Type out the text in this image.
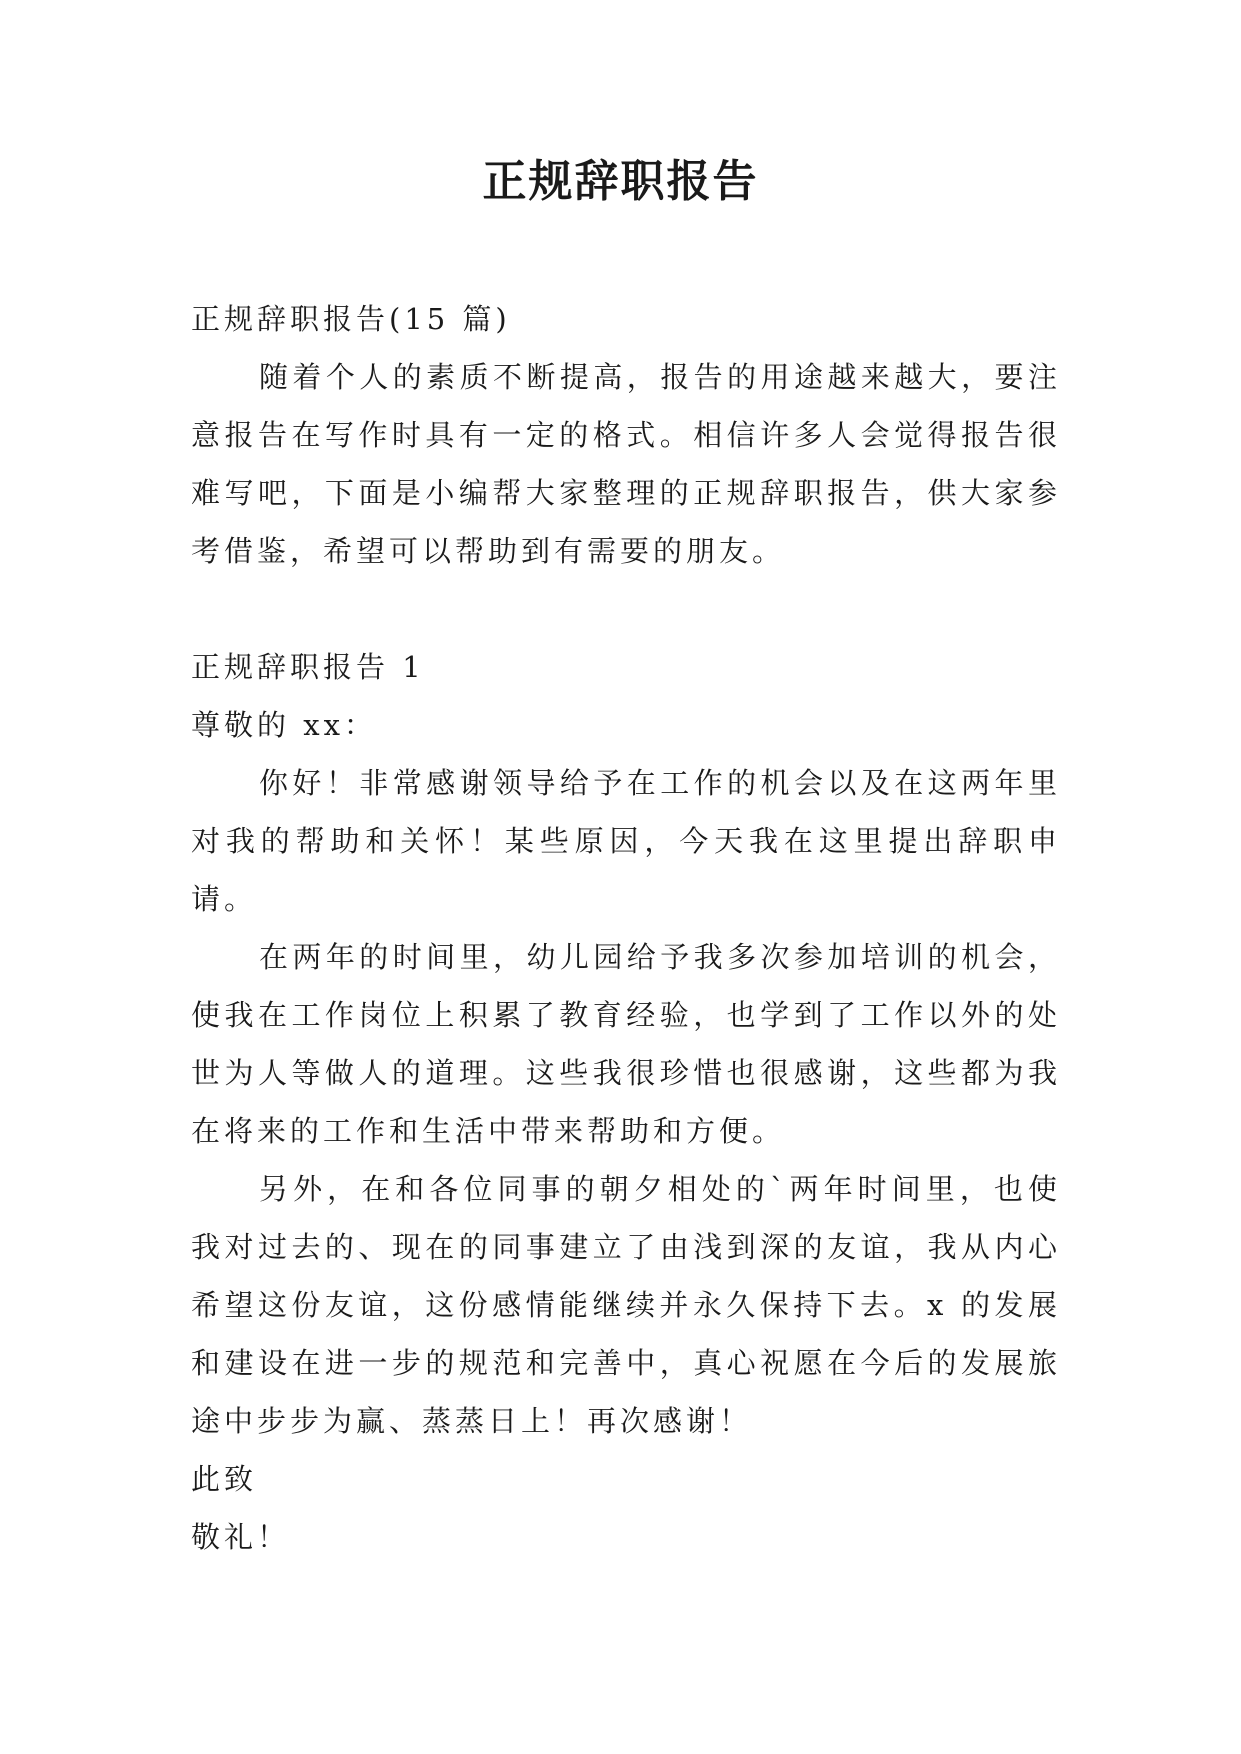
正规辞职报告

正规辞职报告(15 篇)

随着个人的素质不断提高，报告的用途越来越大，要注意报告在写作时具有一定的格式。相信许多人会觉得报告很难写吧，下面是小编帮大家整理的正规辞职报告，供大家参考借鉴，希望可以帮助到有需要的朋友。

正规辞职报告 1

尊敬的 xx：

你好！非常感谢领导给予在工作的机会以及在这两年里对我的帮助和关怀！某些原因，今天我在这里提出辞职申请。

在两年的时间里，幼儿园给予我多次参加培训的机会，使我在工作岗位上积累了教育经验，也学到了工作以外的处世为人等做人的道理。这些我很珍惜也很感谢，这些都为我在将来的工作和生活中带来帮助和方便。

另外，在和各位同事的朝夕相处的`两年时间里，也使我对过去的、现在的同事建立了由浅到深的友谊，我从内心希望这份友谊，这份感情能继续并永久保持下去。x 的发展和建设在进一步的规范和完善中，真心祝愿在今后的发展旅途中步步为赢、蒸蒸日上！再次感谢！

此致

敬礼！
